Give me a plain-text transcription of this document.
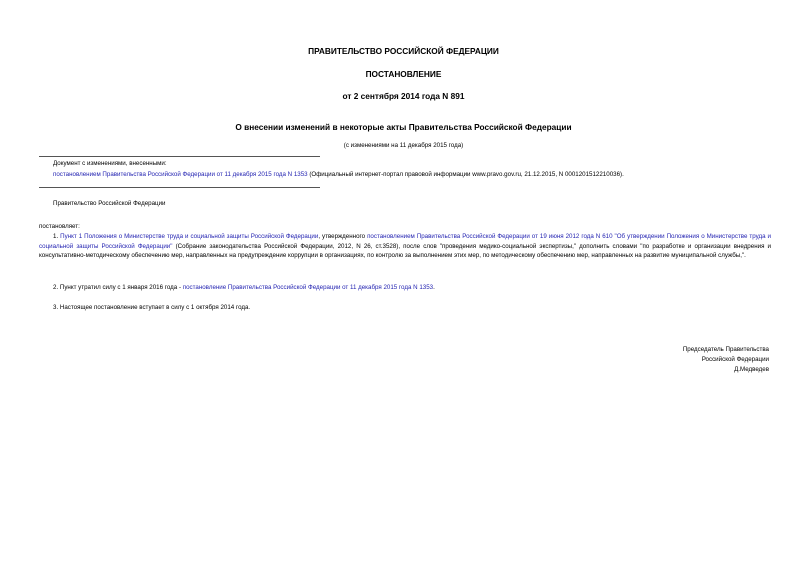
ПРАВИТЕЛЬСТВО РОССИЙСКОЙ ФЕДЕРАЦИИ
ПОСТАНОВЛЕНИЕ
от 2 сентября 2014 года N 891
О внесении изменений в некоторые акты Правительства Российской Федерации
(с изменениями на 11 декабря 2015 года)
Документ с изменениями, внесенными:
постановлением Правительства Российской Федерации от 11 декабря 2015 года N 1353 (Официальный интернет-портал правовой информации www.pravo.gov.ru, 21.12.2015, N 0001201512210036).
Правительство Российской Федерации
постановляет:
1. Пункт 1 Положения о Министерстве труда и социальной защиты Российской Федерации, утвержденного постановлением Правительства Российской Федерации от 19 июня 2012 года N 610 "Об утверждении Положения о Министерстве труда и социальной защиты Российской Федерации" (Собрание законодательства Российской Федерации, 2012, N 26, ст.3528), после слов "проведения медико-социальной экспертизы," дополнить словами "по разработке и организации внедрения и консультативно-методическому обеспечению мер, направленных на предупреждение коррупции в организациях, по контролю за выполнением этих мер, по методическому обеспечению мер, направленных на развитие муниципальной службы,".
2. Пункт утратил силу с 1 января 2016 года - постановление Правительства Российской Федерации от 11 декабря 2015 года N 1353.
3. Настоящее постановление вступает в силу с 1 октября 2014 года.
Председатель Правительства
Российской Федерации
Д.Медведев
